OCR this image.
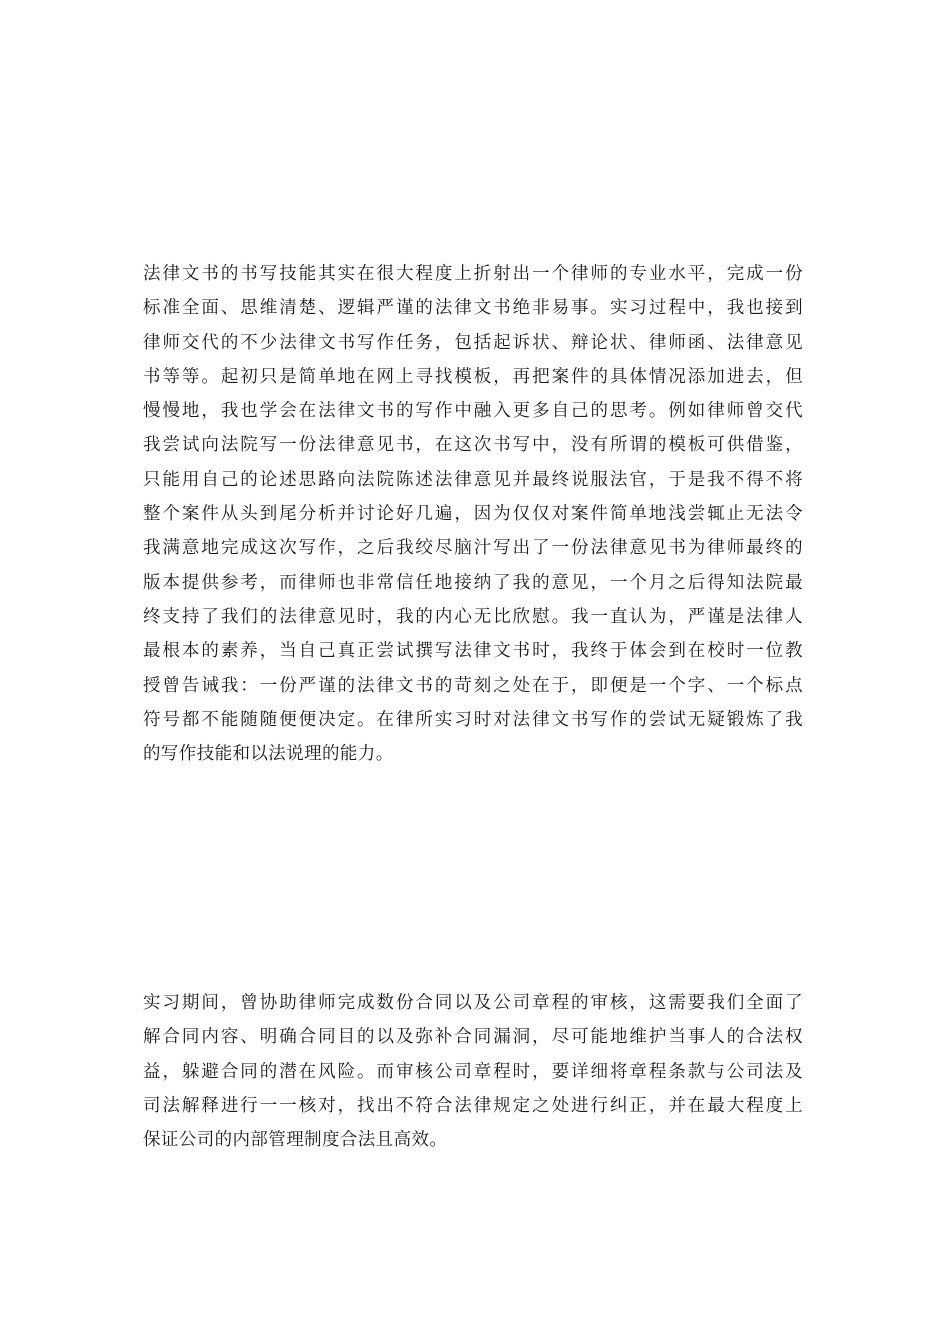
法律文书的书写技能其实在很大程度上折射出一个律师的专业水平，完成一份
标准全面、思维清楚、逻辑严谨的法律文书绝非易事。实习过程中，我也接到
律师交代的不少法律文书写作任务，包括起诉状、辩论状、律师函、法律意见
书等等。起初只是简单地在网上寻找模板，再把案件的具体情况添加进去，但
慢慢地，我也学会在法律文书的写作中融入更多自己的思考。例如律师曾交代
我尝试向法院写一份法律意见书，在这次书写中，没有所谓的模板可供借鉴，
只能用自己的论述思路向法院陈述法律意见并最终说服法官，于是我不得不将
整个案件从头到尾分析并讨论好几遍，因为仅仅对案件简单地浅尝辄止无法令
我满意地完成这次写作，之后我绞尽脑汁写出了一份法律意见书为律师最终的
版本提供参考，而律师也非常信任地接纳了我的意见，一个月之后得知法院最
终支持了我们的法律意见时，我的内心无比欣慰。我一直认为，严谨是法律人
最根本的素养，当自己真正尝试撰写法律文书时，我终于体会到在校时一位教
授曾告诫我：一份严谨的法律文书的苛刻之处在于，即便是一个字、一个标点
符号都不能随随便便决定。在律所实习时对法律文书写作的尝试无疑锻炼了我
的写作技能和以法说理的能力。
实习期间，曾协助律师完成数份合同以及公司章程的审核，这需要我们全面了
解合同内容、明确合同目的以及弥补合同漏洞，尽可能地维护当事人的合法权
益，躲避合同的潜在风险。而审核公司章程时，要详细将章程条款与公司法及
司法解释进行一一核对，找出不符合法律规定之处进行纠正，并在最大程度上
保证公司的内部管理制度合法且高效。
